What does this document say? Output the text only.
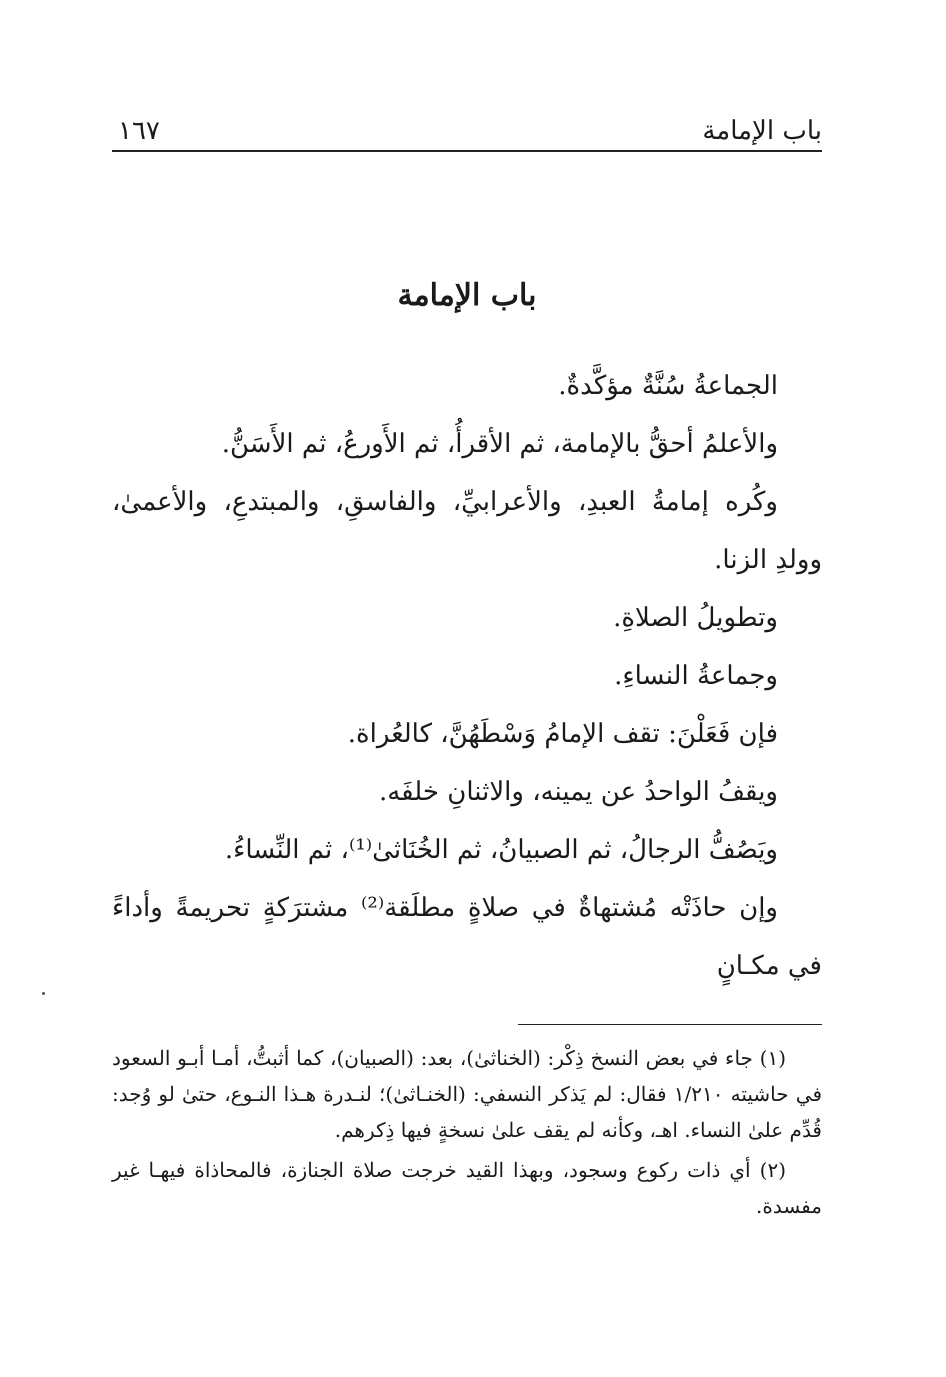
باب الإمامة
١٦٧
باب الإمامة

الجماعةُ سُنَّةٌ مؤكَّدةٌ.

والأعلمُ أحقُّ بالإمامة، ثم الأقرأُ، ثم الأَورعُ، ثم الأَسَنُّ.

وكُره إمامةُ العبدِ، والأعرابيِّ، والفاسقِ، والمبتدعِ، والأعمىٰ، وولدِ الزنا.

وتطويلُ الصلاةِ.

وجماعةُ النساءِ.

فإن فَعَلْنَ: تقف الإمامُ وَسْطَهُنَّ، كالعُراة.

ويقفُ الواحدُ عن يمينه، والاثنانِ خلفَه.

ويَصُفُّ الرجالُ، ثم الصبيانُ، ثم الخُنَاثىٰ⁽¹⁾، ثم النِّساءُ.

وإن حاذَتْه مُشتهاةٌ في صلاةٍ مطلَقة⁽²⁾ مشترَكةٍ تحريمةً وأداءً في مكـانٍ

(١) جاء في بعض النسخ ذِكْر: (الخناثىٰ)، بعد: (الصبيان)، كما أثبتُّ، أمـا أبـو السعود في حاشيته ١/٢١٠ فقال: لم يَذكر النسفي: (الخنـاثىٰ)؛ لنـدرة هـذا النـوع، حتىٰ لو وُجد: قُدِّم علىٰ النساء. اهـ، وكأنه لم يقف علىٰ نسخةٍ فيها ذِكرهم.

(٢) أي ذات ركوع وسجود، وبهذا القيد خرجت صلاة الجنازة، فالمحاذاة فيهـا غير مفسدة.
